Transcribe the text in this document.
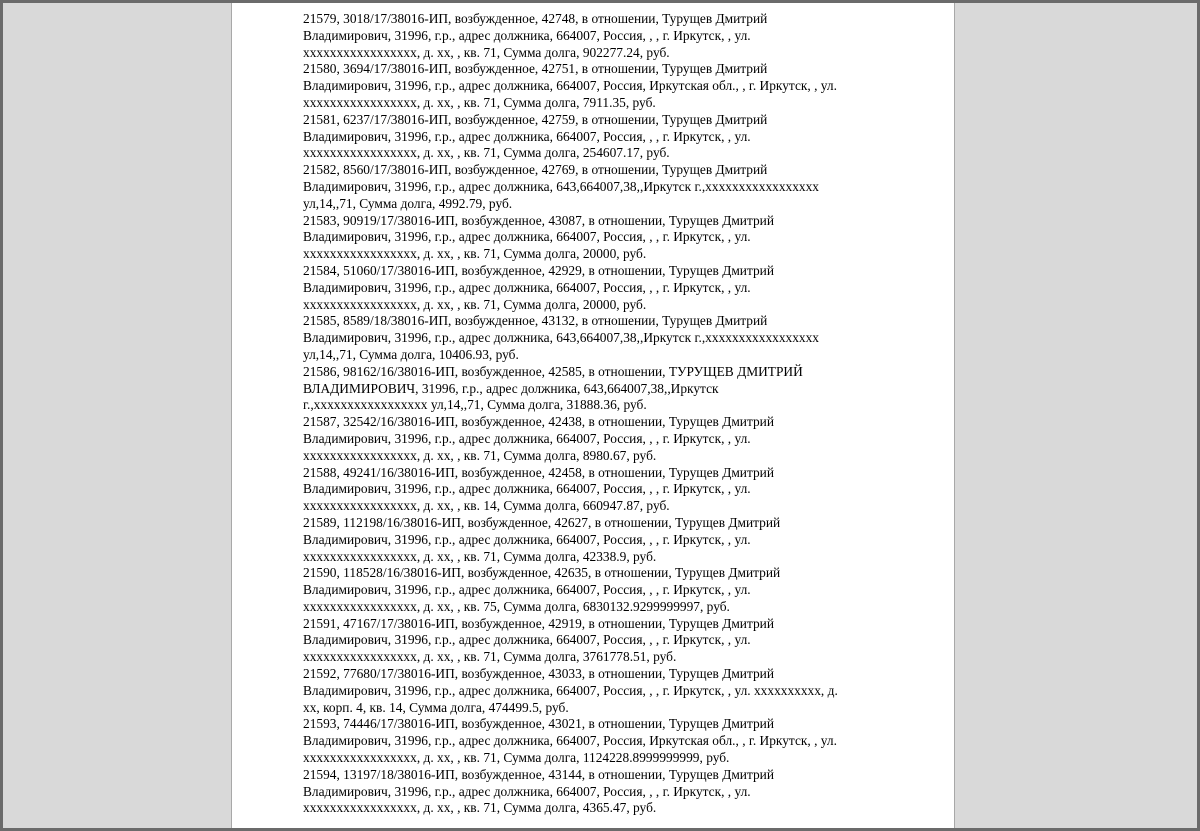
21579, 3018/17/38016-ИП, возбужденное, 42748, в отношении, Турущев Дмитрий
Владимирович, 31996, г.р., адрес должника, 664007, Россия, , , г. Иркутск, , ул.
xxxxxxxxxxxxxxxxx, д. xx, , кв. 71, Сумма долга, 902277.24, руб.
21580, 3694/17/38016-ИП, возбужденное, 42751, в отношении, Турущев Дмитрий
Владимирович, 31996, г.р., адрес должника, 664007, Россия, Иркутская обл., , г. Иркутск, , ул.
xxxxxxxxxxxxxxxxx, д. xx, , кв. 71, Сумма долга, 7911.35, руб.
21581, 6237/17/38016-ИП, возбужденное, 42759, в отношении, Турущев Дмитрий
Владимирович, 31996, г.р., адрес должника, 664007, Россия, , , г. Иркутск, , ул.
xxxxxxxxxxxxxxxxx, д. xx, , кв. 71, Сумма долга, 254607.17, руб.
21582, 8560/17/38016-ИП, возбужденное, 42769, в отношении, Турущев Дмитрий
Владимирович, 31996, г.р., адрес должника, 643,664007,38,,Иркутск г.,xxxxxxxxxxxxxxxxx
ул,14,,71, Сумма долга, 4992.79, руб.
21583, 90919/17/38016-ИП, возбужденное, 43087, в отношении, Турущев Дмитрий
Владимирович, 31996, г.р., адрес должника, 664007, Россия, , , г. Иркутск, , ул.
xxxxxxxxxxxxxxxxx, д. xx, , кв. 71, Сумма долга, 20000, руб.
21584, 51060/17/38016-ИП, возбужденное, 42929, в отношении, Турущев Дмитрий
Владимирович, 31996, г.р., адрес должника, 664007, Россия, , , г. Иркутск, , ул.
xxxxxxxxxxxxxxxxx, д. xx, , кв. 71, Сумма долга, 20000, руб.
21585, 8589/18/38016-ИП, возбужденное, 43132, в отношении, Турущев Дмитрий
Владимирович, 31996, г.р., адрес должника, 643,664007,38,,Иркутск г.,xxxxxxxxxxxxxxxxx
ул,14,,71, Сумма долга, 10406.93, руб.
21586, 98162/16/38016-ИП, возбужденное, 42585, в отношении, ТУРУЩЕВ ДМИТРИЙ
ВЛАДИМИРОВИЧ, 31996, г.р., адрес должника, 643,664007,38,,Иркутск
г.,xxxxxxxxxxxxxxxxx ул,14,,71, Сумма долга, 31888.36, руб.
21587, 32542/16/38016-ИП, возбужденное, 42438, в отношении, Турущев Дмитрий
Владимирович, 31996, г.р., адрес должника, 664007, Россия, , , г. Иркутск, , ул.
xxxxxxxxxxxxxxxxx, д. xx, , кв. 71, Сумма долга, 8980.67, руб.
21588, 49241/16/38016-ИП, возбужденное, 42458, в отношении, Турущев Дмитрий
Владимирович, 31996, г.р., адрес должника, 664007, Россия, , , г. Иркутск, , ул.
xxxxxxxxxxxxxxxxx, д. xx, , кв. 14, Сумма долга, 660947.87, руб.
21589, 112198/16/38016-ИП, возбужденное, 42627, в отношении, Турущев Дмитрий
Владимирович, 31996, г.р., адрес должника, 664007, Россия, , , г. Иркутск, , ул.
xxxxxxxxxxxxxxxxx, д. xx, , кв. 71, Сумма долга, 42338.9, руб.
21590, 118528/16/38016-ИП, возбужденное, 42635, в отношении, Турущев Дмитрий
Владимирович, 31996, г.р., адрес должника, 664007, Россия, , , г. Иркутск, , ул.
xxxxxxxxxxxxxxxxx, д. xx, , кв. 75, Сумма долга, 6830132.9299999997, руб.
21591, 47167/17/38016-ИП, возбужденное, 42919, в отношении, Турущев Дмитрий
Владимирович, 31996, г.р., адрес должника, 664007, Россия, , , г. Иркутск, , ул.
xxxxxxxxxxxxxxxxx, д. xx, , кв. 71, Сумма долга, 3761778.51, руб.
21592, 77680/17/38016-ИП, возбужденное, 43033, в отношении, Турущев Дмитрий
Владимирович, 31996, г.р., адрес должника, 664007, Россия, , , г. Иркутск, , ул. xxxxxxxxxx, д.
xx, корп. 4, кв. 14, Сумма долга, 474499.5, руб.
21593, 74446/17/38016-ИП, возбужденное, 43021, в отношении, Турущев Дмитрий
Владимирович, 31996, г.р., адрес должника, 664007, Россия, Иркутская обл., , г. Иркутск, , ул.
xxxxxxxxxxxxxxxxx, д. xx, , кв. 71, Сумма долга, 1124228.8999999999, руб.
21594, 13197/18/38016-ИП, возбужденное, 43144, в отношении, Турущев Дмитрий
Владимирович, 31996, г.р., адрес должника, 664007, Россия, , , г. Иркутск, , ул.
xxxxxxxxxxxxxxxxx, д. xx, , кв. 71, Сумма долга, 4365.47, руб.
